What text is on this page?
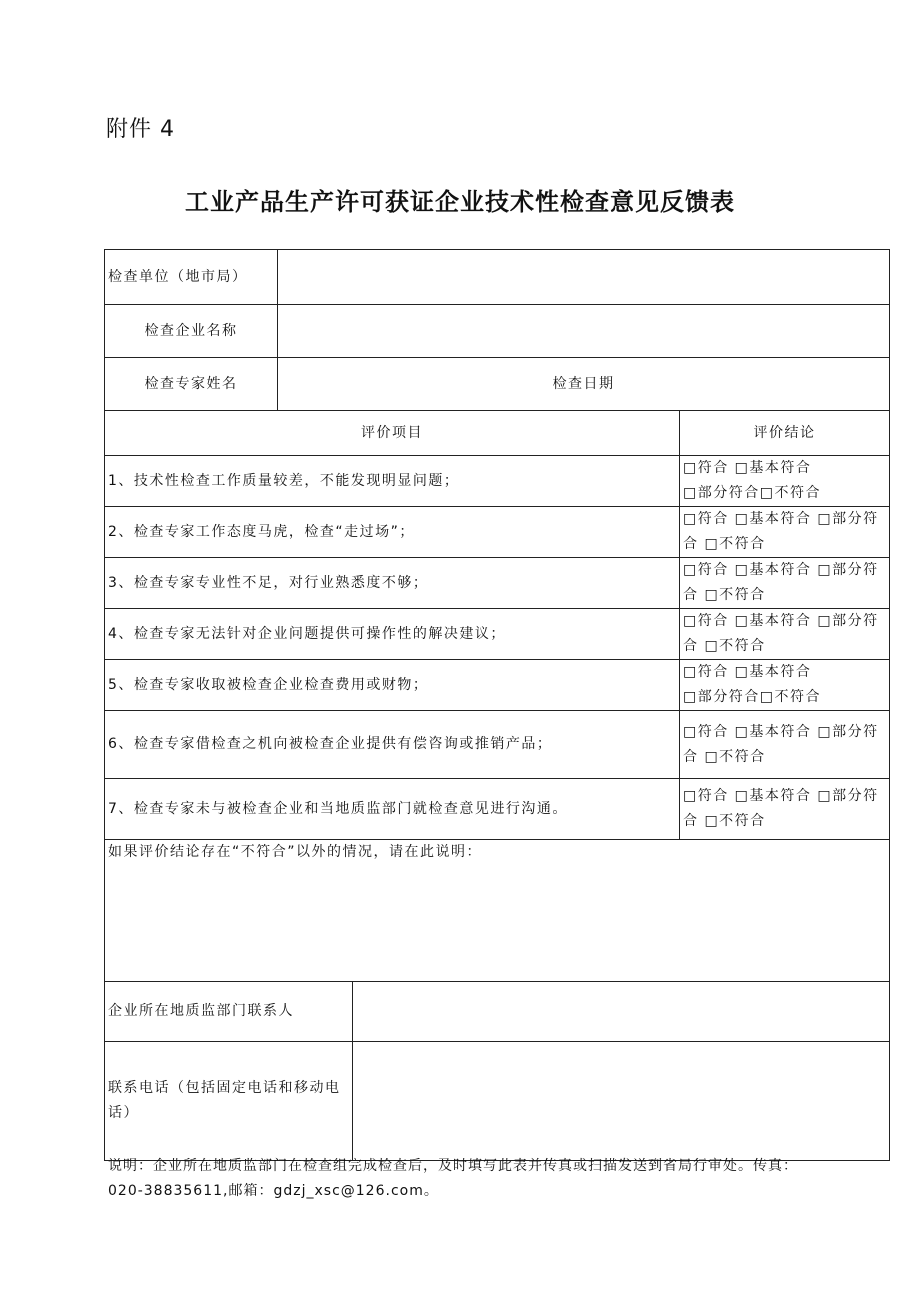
附件 4
工业产品生产许可获证企业技术性检查意见反馈表
检查单位（地市局）			
检查企业名称			
检查专家姓名	检查日期		
评价项目			评价结论
1、技术性检查工作质量较差，不能发现明显问题；			□符合 □基本符合
□部分符合□不符合
2、检查专家工作态度马虎，检查“走过场”；			□符合 □基本符合 □部分符合 □不符合
3、检查专家专业性不足，对行业熟悉度不够；			□符合 □基本符合 □部分符合 □不符合
4、检查专家无法针对企业问题提供可操作性的解决建议；			□符合 □基本符合 □部分符合 □不符合
5、检查专家收取被检查企业检查费用或财物；			□符合 □基本符合
□部分符合□不符合
6、检查专家借检查之机向被检查企业提供有偿咨询或推销产品；			□符合 □基本符合 □部分符合 □不符合
7、检查专家未与被检查企业和当地质监部门就检查意见进行沟通。			□符合 □基本符合 □部分符合 □不符合
如果评价结论存在“不符合”以外的情况，请在此说明：			
企业所在地质监部门联系人			
联系电话（包括固定电话和移动电话）			
说明：企业所在地质监部门在检查组完成检查后，及时填写此表并传真或扫描发送到省局行审处。传真：020-38835611,邮箱：gdzj_xsc@126.com。
